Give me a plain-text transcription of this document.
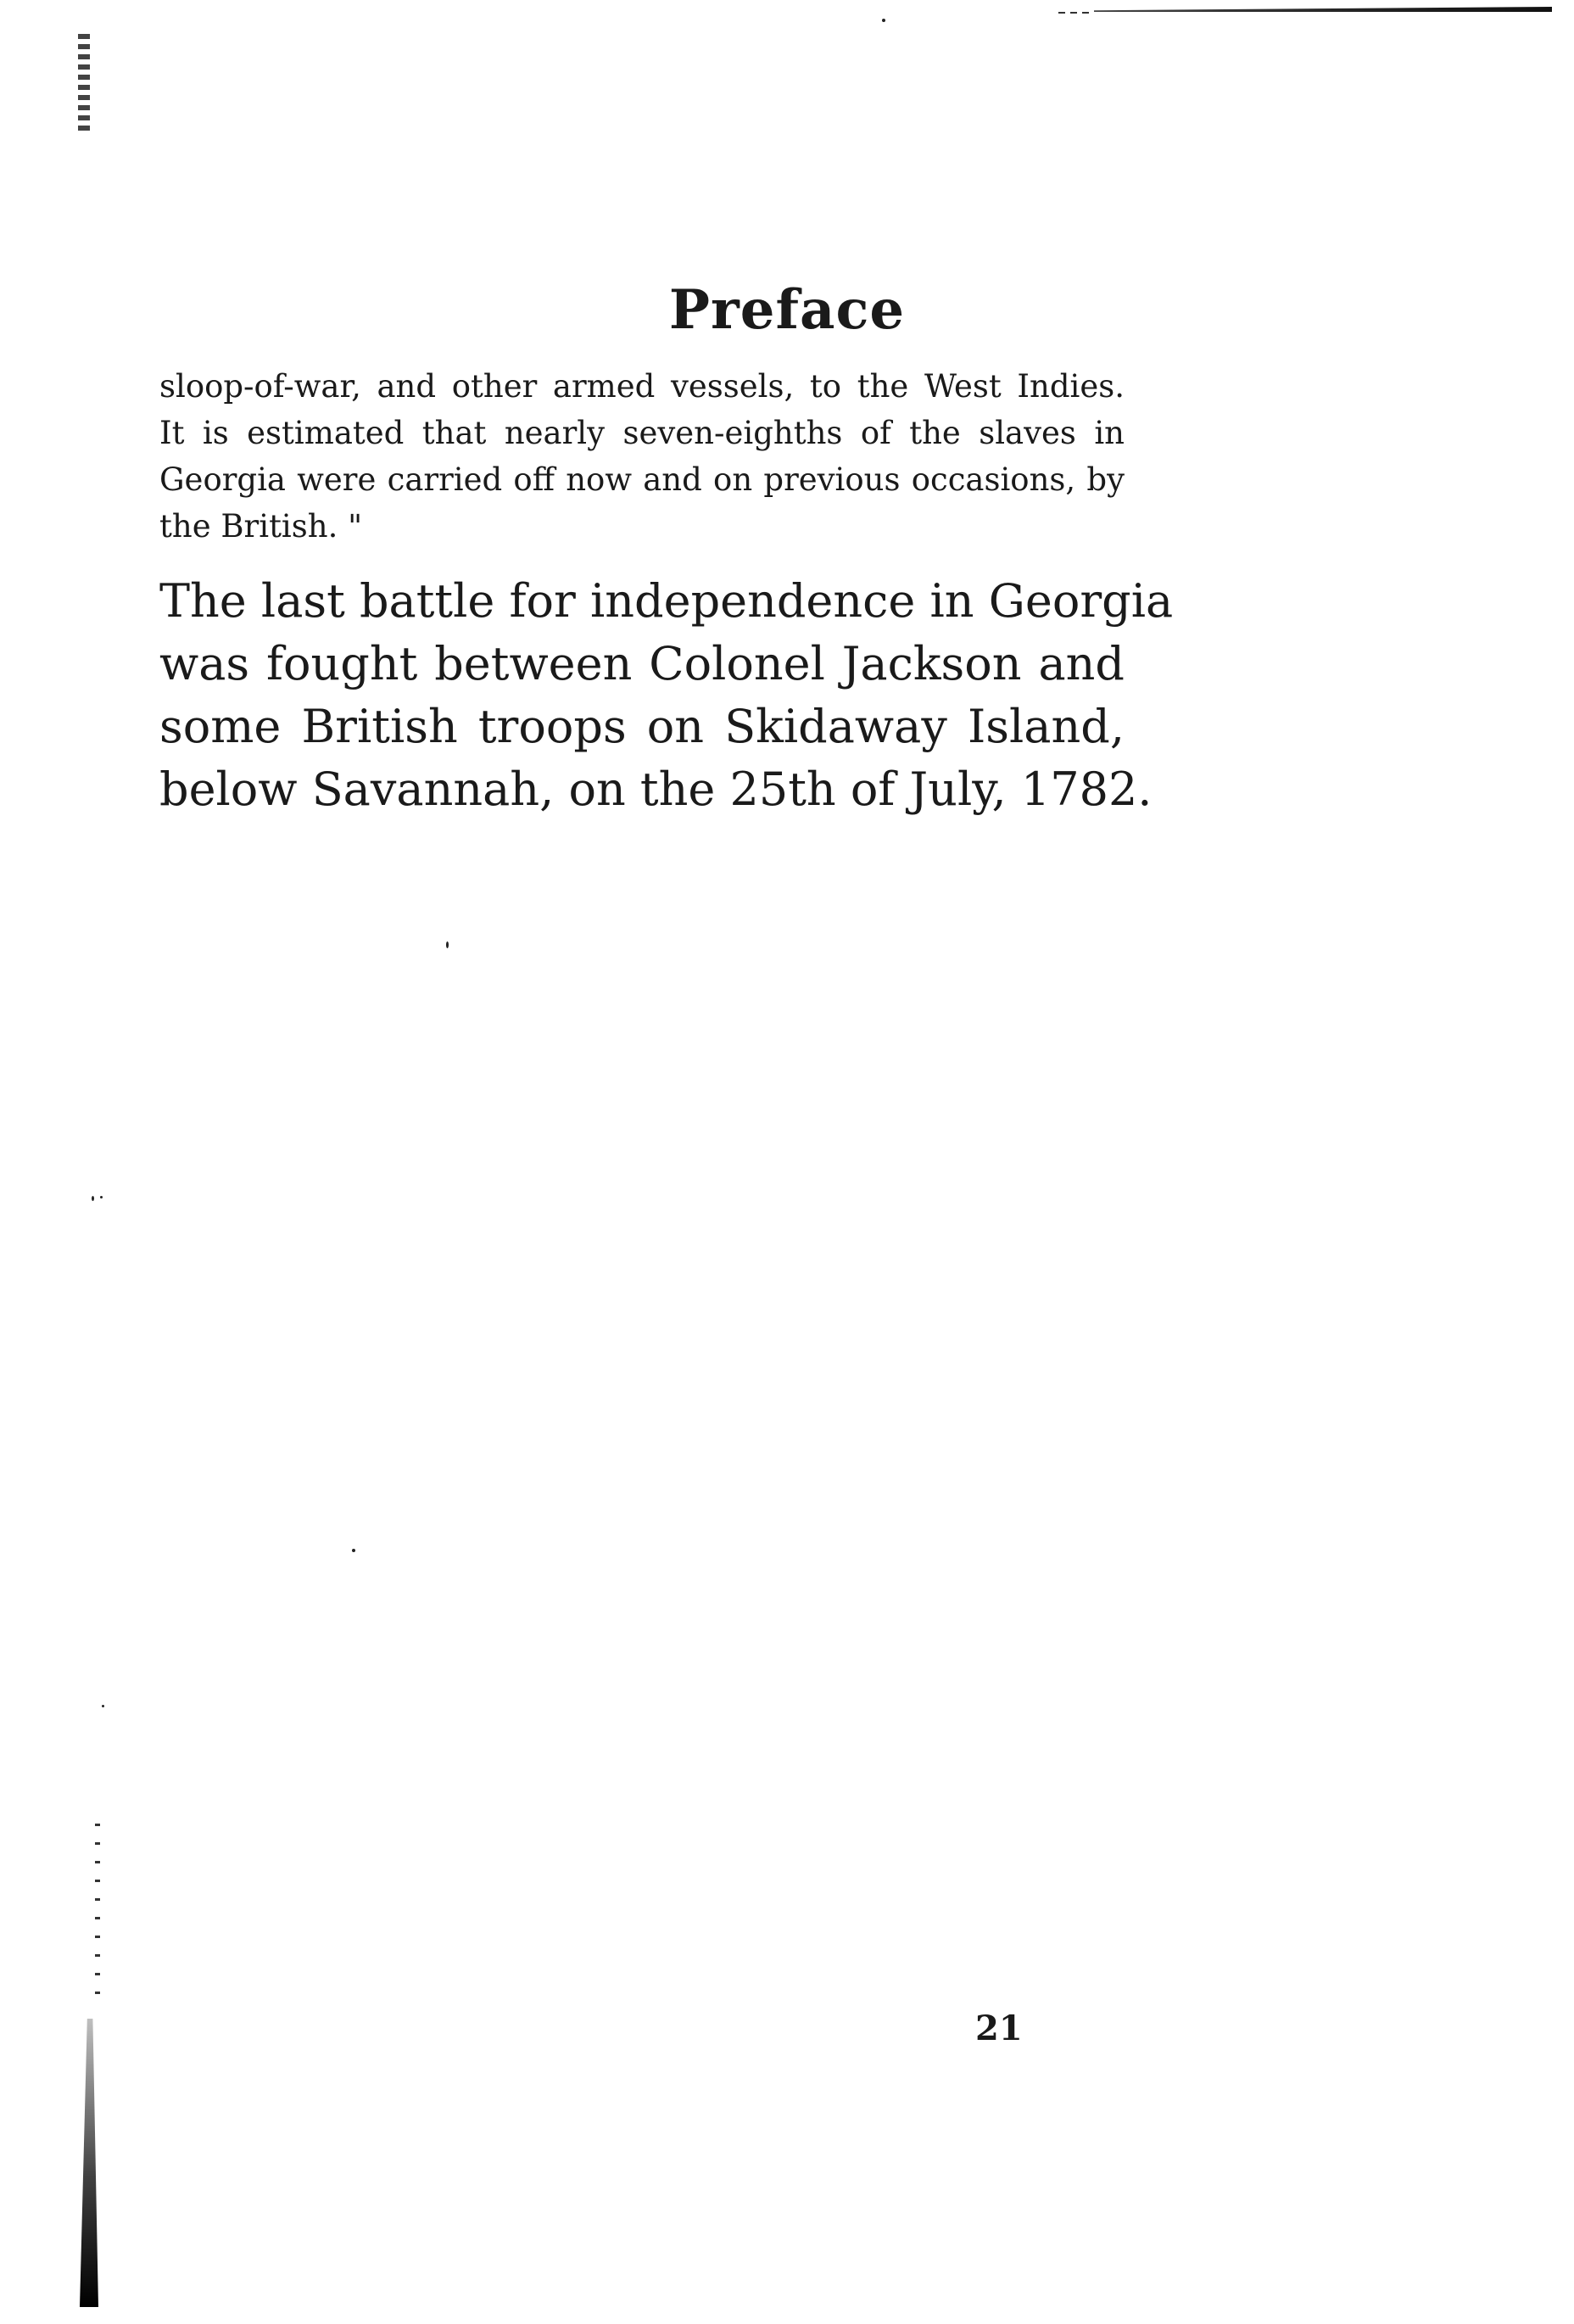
Preface
sloop-of-war, and other armed vessels, to the West Indies.
It is estimated that nearly seven-eighths of the slaves in
Georgia were carried off now and on previous occasions, by
the British. "
The last battle for independence in Georgia
was fought between Colonel Jackson and
some British troops on Skidaway Island,
below Savannah, on the 25th of July, 1782.
21
